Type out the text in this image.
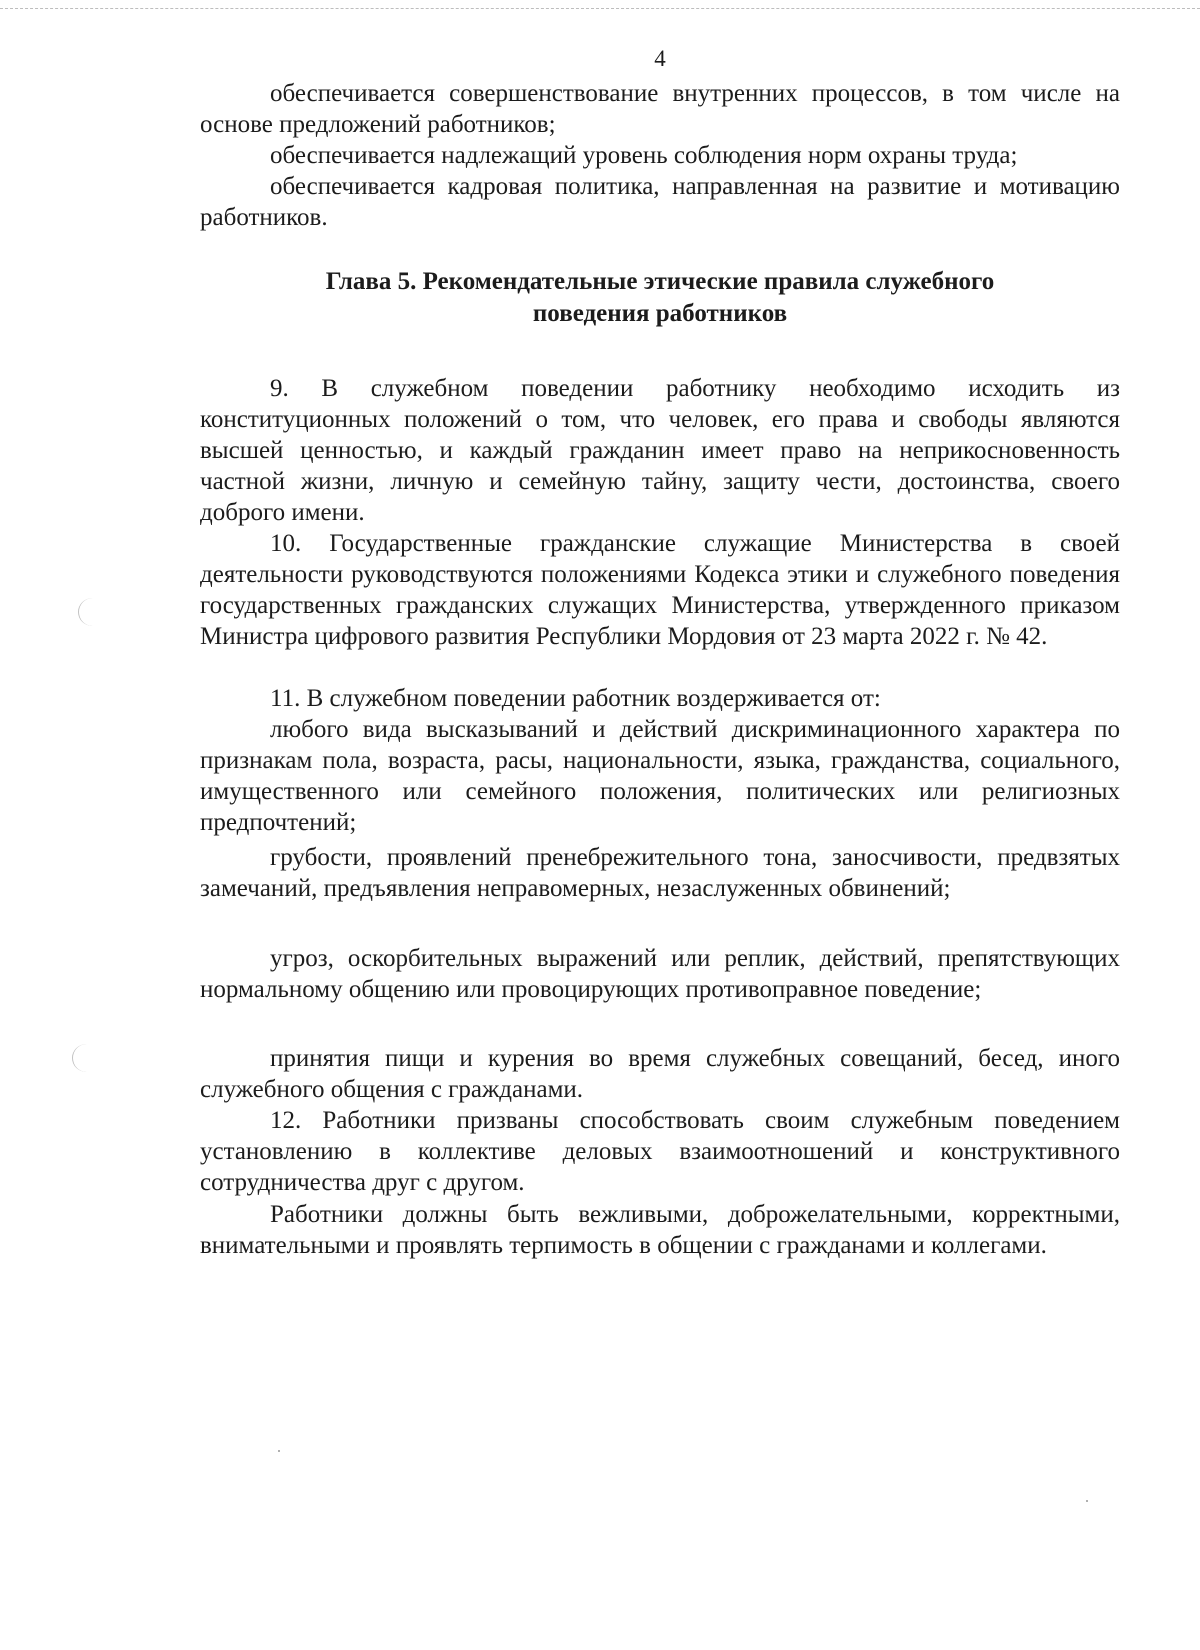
4

обеспечивается совершенствование внутренних процессов, в том числе на основе предложений работников;

обеспечивается надлежащий уровень соблюдения норм охраны труда;

обеспечивается кадровая политика, направленная на развитие и мотивацию работников.

Глава 5. Рекомендательные этические правила служебного
поведения работников

9. В служебном поведении работнику необходимо исходить из конституционных положений о том, что человек, его права и свободы являются высшей ценностью, и каждый гражданин имеет право на неприкосновенность частной жизни, личную и семейную тайну, защиту чести, достоинства, своего доброго имени.

10. Государственные гражданские служащие Министерства в своей деятельности руководствуются положениями Кодекса этики и служебного поведения государственных гражданских служащих Министерства, утвержденного приказом Министра цифрового развития Республики Мордовия от 23 марта 2022 г. № 42.

11. В служебном поведении работник воздерживается от:

любого вида высказываний и действий дискриминационного характера по признакам пола, возраста, расы, национальности, языка, гражданства, социального, имущественного или семейного положения, политических или религиозных предпочтений;

грубости, проявлений пренебрежительного тона, заносчивости, предвзятых замечаний, предъявления неправомерных, незаслуженных обвинений;

угроз, оскорбительных выражений или реплик, действий, препятствующих нормальному общению или провоцирующих противоправное поведение;

принятия пищи и курения во время служебных совещаний, бесед, иного служебного общения с гражданами.

12. Работники призваны способствовать своим служебным поведением установлению в коллективе деловых взаимоотношений и конструктивного сотрудничества друг с другом.

Работники должны быть вежливыми, доброжелательными, корректными, внимательными и проявлять терпимость в общении с гражданами и коллегами.
